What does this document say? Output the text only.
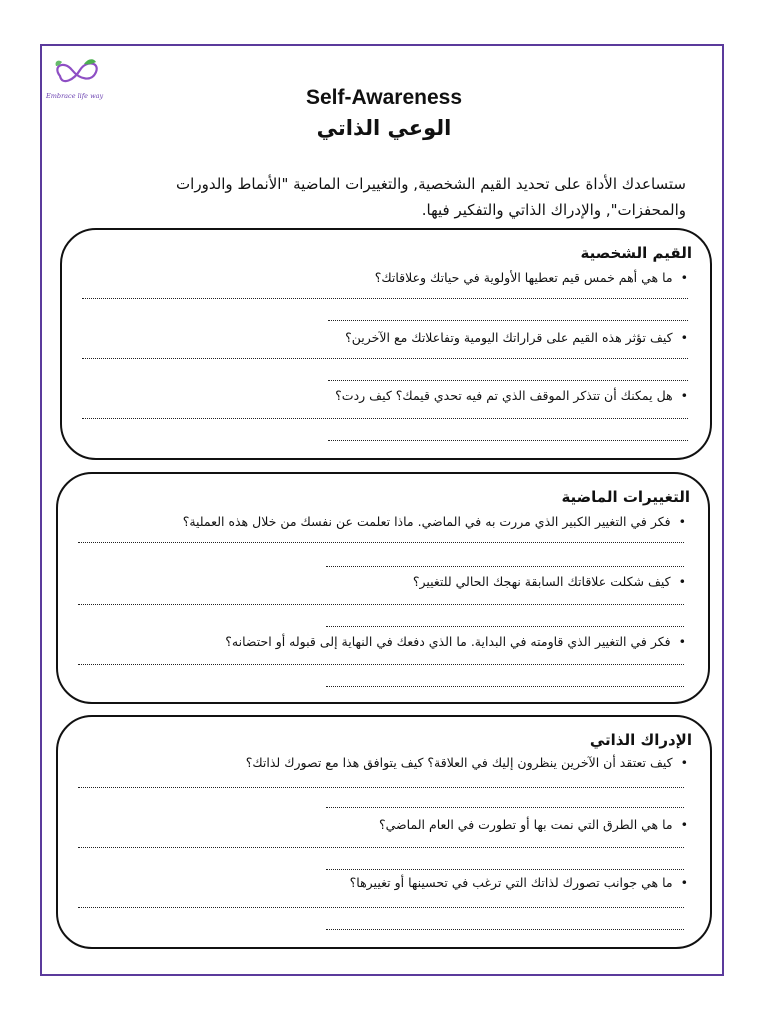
Embrace life way	Self-Awareness
الوعي الذاتي
ستساعدك الأداة على تحديد القيم الشخصية, والتغييرات الماضية "الأنماط والدورات والمحفزات", والإدراك الذاتي والتفكير فيها.
القيم الشخصية
•ما هي أهم خمس قيم تعطيها الأولوية في حياتك وعلاقاتك؟
•كيف تؤثر هذه القيم على قراراتك اليومية وتفاعلاتك مع الآخرين؟
•هل يمكنك أن تتذكر الموقف الذي تم فيه تحدي قيمك؟ كيف ردت؟
التغييرات الماضية
•فكر في التغيير الكبير الذي مررت به في الماضي. ماذا تعلمت عن نفسك من خلال هذه العملية؟
•كيف شكلت علاقاتك السابقة نهجك الحالي للتغيير؟
•فكر في التغيير الذي قاومته في البداية. ما الذي دفعك في النهاية إلى قبوله أو احتضانه؟
الإدراك الذاتي
•كيف تعتقد أن الآخرين ينظرون إليك في العلاقة؟ كيف يتوافق هذا مع تصورك لذاتك؟
•ما هي الطرق التي نمت بها أو تطورت في العام الماضي؟
•ما هي جوانب تصورك لذاتك التي ترغب في تحسينها أو تغييرها؟
